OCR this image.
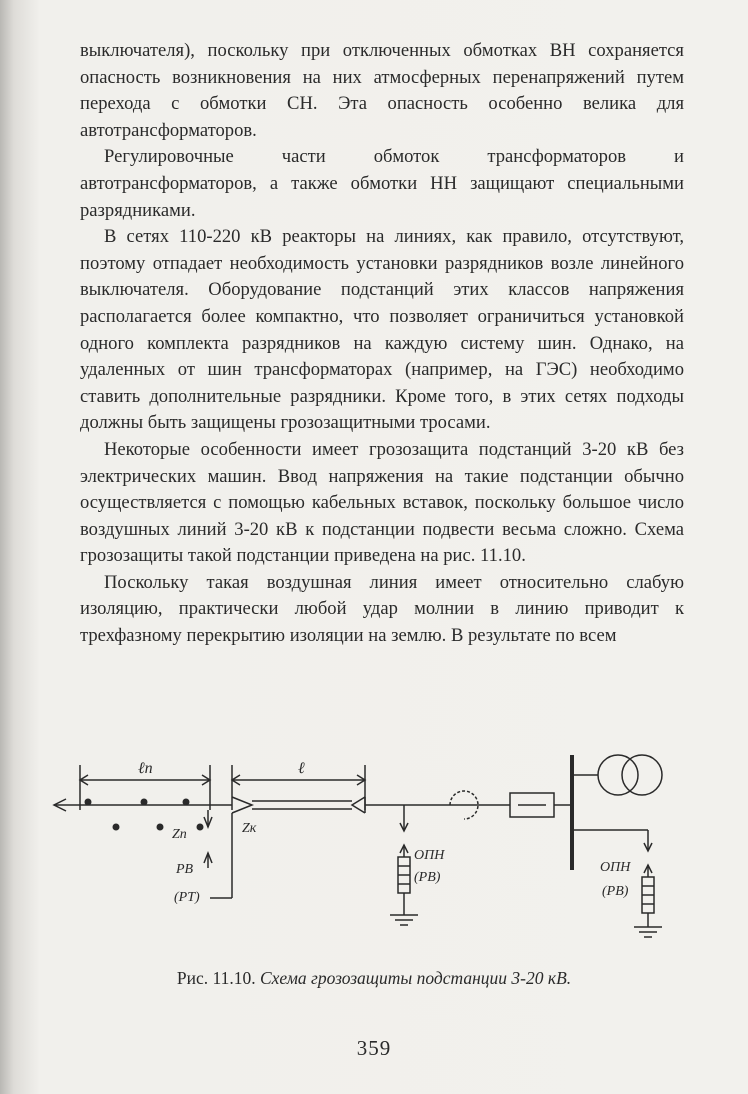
выключателя), поскольку при отключенных обмотках ВН сохраняется опасность возникновения на них атмосферных перенапряжений путем перехода с обмотки СН. Эта опасность особенно велика для автотрансформаторов.

Регулировочные части обмоток трансформаторов и автотрансформаторов, а также обмотки НН защищают специальными разрядниками.

В сетях 110-220 кВ реакторы на линиях, как правило, отсутствуют, поэтому отпадает необходимость установки разрядников возле линейного выключателя. Оборудование подстанций этих классов напряжения располагается более компактно, что позволяет ограничиться установкой одного комплекта разрядников на каждую систему шин. Однако, на удаленных от шин трансформаторах (например, на ГЭС) необходимо ставить дополнительные разрядники. Кроме того, в этих сетях подходы должны быть защищены грозозащитными тросами.

Некоторые особенности имеет грозозащита подстанций 3-20 кВ без электрических машин. Ввод напряжения на такие подстанции обычно осуществляется с помощью кабельных вставок, поскольку большое число воздушных линий 3-20 кВ к подстанции подвести весьма сложно. Схема грозозащиты такой подстанции приведена на рис. 11.10.

Поскольку такая воздушная линия имеет относительно слабую изоляцию, практически любой удар молнии в линию приводит к трехфазному перекрытию изоляции на землю. В результате по всем

ℓп	ℓ
Zп	Zк
РВ
(РТ)
ОПН
(РВ)
ОПН
(РВ)
Рис. 11.10. Схема грозозащиты подстанции 3-20 кВ.
359
